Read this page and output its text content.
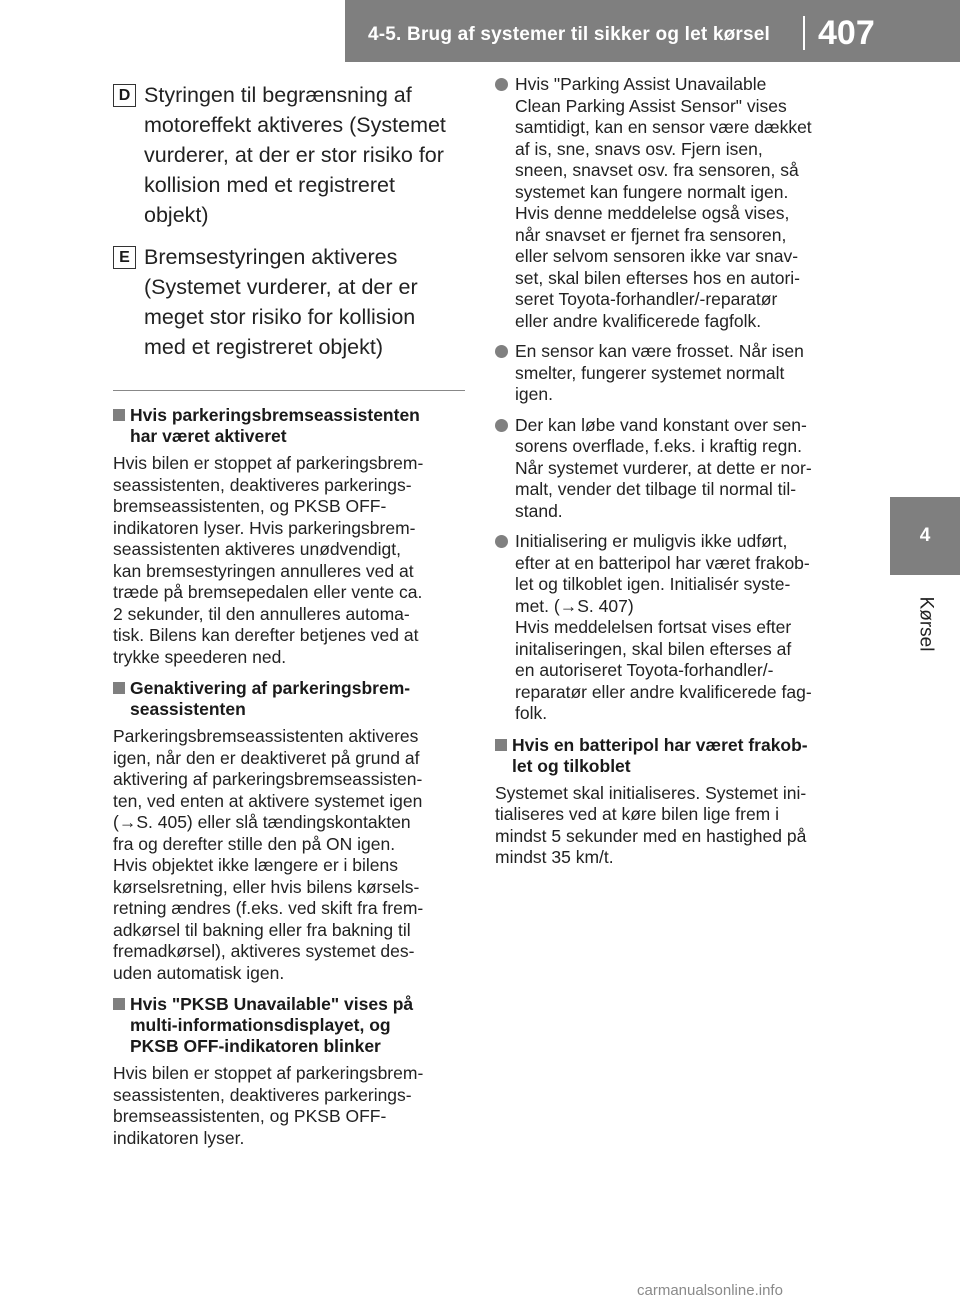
4-5. Brug af systemer til sikker og let kørsel 407
4
Kørsel
D Styringen til begrænsning af
motoreffekt aktiveres (Systemet
vurderer, at der er stor risiko for
kollision med et registreret
objekt)
E Bremsestyringen aktiveres
(Systemet vurderer, at der er
meget stor risiko for kollision
med et registreret objekt)
Hvis parkeringsbremseassistenten
har været aktiveret
Hvis bilen er stoppet af parkeringsbrem-
seassistenten, deaktiveres parkerings-
bremseassistenten, og PKSB OFF-
indikatoren lyser. Hvis parkeringsbrem-
seassistenten aktiveres unødvendigt,
kan bremsestyringen annulleres ved at
træde på bremsepedalen eller vente ca.
2 sekunder, til den annulleres automa-
tisk. Bilens kan derefter betjenes ved at
trykke speederen ned.
Genaktivering af parkeringsbrem-
seassistenten
Parkeringsbremseassistenten aktiveres
igen, når den er deaktiveret på grund af
aktivering af parkeringsbremseassisten-
ten, ved enten at aktivere systemet igen
(→S. 405) eller slå tændingskontakten
fra og derefter stille den på ON igen.
Hvis objektet ikke længere er i bilens
kørselsretning, eller hvis bilens kørsels-
retning ændres (f.eks. ved skift fra frem-
adkørsel til bakning eller fra bakning til
fremadkørsel), aktiveres systemet des-
uden automatisk igen.
Hvis "PKSB Unavailable" vises på
multi-informationsdisplayet, og
PKSB OFF-indikatoren blinker
Hvis bilen er stoppet af parkeringsbrem-
seassistenten, deaktiveres parkerings-
bremseassistenten, og PKSB OFF-
indikatoren lyser.
Hvis "Parking Assist Unavailable
Clean Parking Assist Sensor" vises
samtidigt, kan en sensor være dækket
af is, sne, snavs osv. Fjern isen,
sneen, snavset osv. fra sensoren, så
systemet kan fungere normalt igen.
Hvis denne meddelelse også vises,
når snavset er fjernet fra sensoren,
eller selvom sensoren ikke var snav-
set, skal bilen efterses hos en autori-
seret Toyota-forhandler/-reparatør
eller andre kvalificerede fagfolk.
En sensor kan være frosset. Når isen
smelter, fungerer systemet normalt
igen.
Der kan løbe vand konstant over sen-
sorens overflade, f.eks. i kraftig regn.
Når systemet vurderer, at dette er nor-
malt, vender det tilbage til normal til-
stand.
Initialisering er muligvis ikke udført,
efter at en batteripol har været frakob-
let og tilkoblet igen. Initialisér syste-
met. (→S. 407)
Hvis meddelelsen fortsat vises efter
initaliseringen, skal bilen efterses af
en autoriseret Toyota-forhandler/-
reparatør eller andre kvalificerede fag-
folk.
Hvis en batteripol har været frakob-
let og tilkoblet
Systemet skal initialiseres. Systemet ini-
tialiseres ved at køre bilen lige frem i
mindst 5 sekunder med en hastighed på
mindst 35 km/t.
carmanualsonline.info
